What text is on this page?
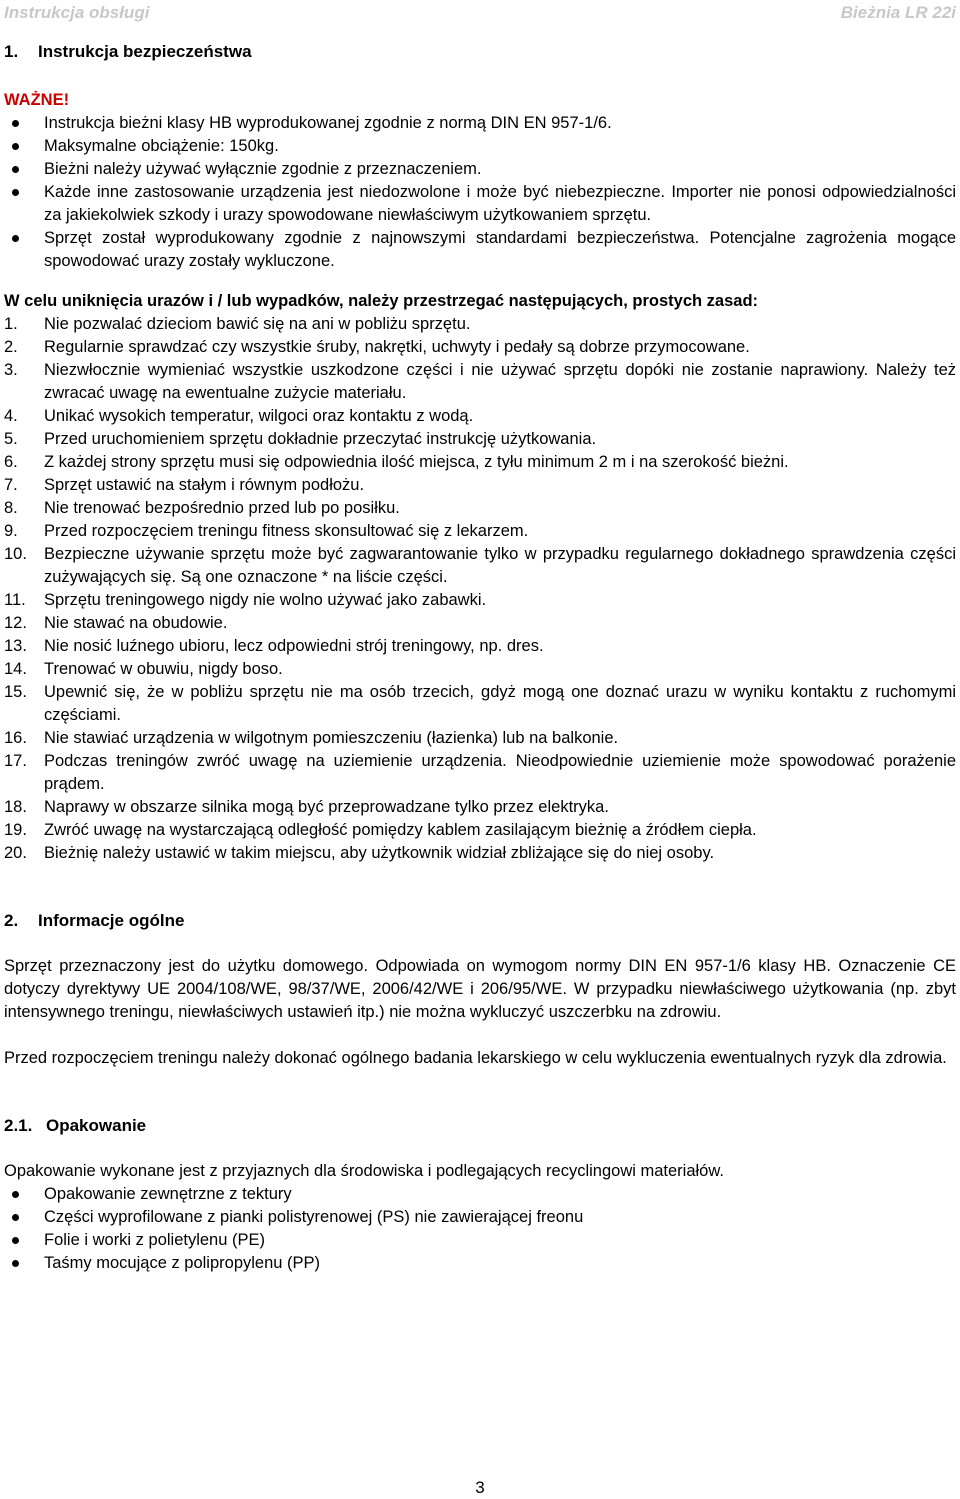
Instrukcja obsługi	Bieżnia LR 22i
1.	Instrukcja bezpieczeństwa
WAŻNE!
Instrukcja bieżni klasy HB wyprodukowanej zgodnie z normą DIN EN 957-1/6.
Maksymalne obciążenie: 150kg.
Bieżni należy używać wyłącznie zgodnie z przeznaczeniem.
Każde inne zastosowanie urządzenia jest niedozwolone i może być niebezpieczne. Importer nie ponosi odpowiedzialności za jakiekolwiek szkody i urazy spowodowane niewłaściwym użytkowaniem sprzętu.
Sprzęt został wyprodukowany zgodnie z najnowszymi standardami bezpieczeństwa. Potencjalne zagrożenia mogące spowodować urazy zostały wykluczone.
W celu uniknięcia urazów i / lub wypadków, należy przestrzegać następujących, prostych zasad:
1.	Nie pozwalać dzieciom bawić się na ani w pobliżu sprzętu.
2.	Regularnie sprawdzać czy wszystkie śruby, nakrętki, uchwyty i pedały są dobrze przymocowane.
3.	Niezwłocznie wymieniać wszystkie uszkodzone części i nie używać sprzętu dopóki nie zostanie naprawiony. Należy też zwracać uwagę na ewentualne zużycie materiału.
4.	Unikać wysokich temperatur, wilgoci oraz kontaktu z wodą.
5.	Przed uruchomieniem sprzętu dokładnie przeczytać instrukcję użytkowania.
6.	Z każdej strony sprzętu musi się odpowiednia ilość miejsca, z tyłu minimum 2 m i na szerokość bieżni.
7.	Sprzęt ustawić na stałym i równym podłożu.
8.	Nie trenować bezpośrednio przed lub po posiłku.
9.	Przed rozpoczęciem treningu fitness skonsultować się z lekarzem.
10.	Bezpieczne używanie sprzętu może być zagwarantowanie tylko w przypadku regularnego dokładnego sprawdzenia części zużywających się. Są one oznaczone * na liście części.
11.	Sprzętu treningowego nigdy nie wolno używać jako zabawki.
12.	Nie stawać na obudowie.
13.	Nie nosić luźnego ubioru, lecz odpowiedni strój treningowy, np. dres.
14.	Trenować w obuwiu, nigdy boso.
15.	Upewnić się, że w pobliżu sprzętu nie ma osób trzecich, gdyż mogą one doznać urazu w wyniku kontaktu z ruchomymi częściami.
16.	Nie stawiać urządzenia w wilgotnym pomieszczeniu (łazienka) lub na balkonie.
17.	Podczas treningów zwróć uwagę na uziemienie urządzenia. Nieodpowiednie uziemienie może spowodować porażenie prądem.
18.	Naprawy w obszarze silnika mogą być przeprowadzane tylko przez elektryka.
19.	Zwróć uwagę na wystarczającą odległość pomiędzy kablem zasilającym bieżnię a źródłem ciepła.
20.	Bieżnię należy ustawić w takim miejscu, aby użytkownik widział zbliżające się do niej osoby.
2.	Informacje ogólne

Sprzęt przeznaczony jest do użytku domowego. Odpowiada on wymogom normy DIN EN 957-1/6 klasy HB. Oznaczenie CE dotyczy dyrektywy UE 2004/108/WE, 98/37/WE, 2006/42/WE i 206/95/WE. W przypadku niewłaściwego użytkowania (np. zbyt intensywnego treningu, niewłaściwych ustawień itp.) nie można wykluczyć uszczerbku na zdrowiu.

Przed rozpoczęciem treningu należy dokonać ogólnego badania lekarskiego w celu wykluczenia ewentualnych ryzyk dla zdrowia.

2.1. Opakowanie

Opakowanie wykonane jest z przyjaznych dla środowiska i podlegających recyclingowi materiałów.

Opakowanie zewnętrzne z tektury
Części wyprofilowane z pianki polistyrenowej (PS) nie zawierającej freonu
Folie i worki z polietylenu (PE)
Taśmy mocujące z polipropylenu (PP)
3
